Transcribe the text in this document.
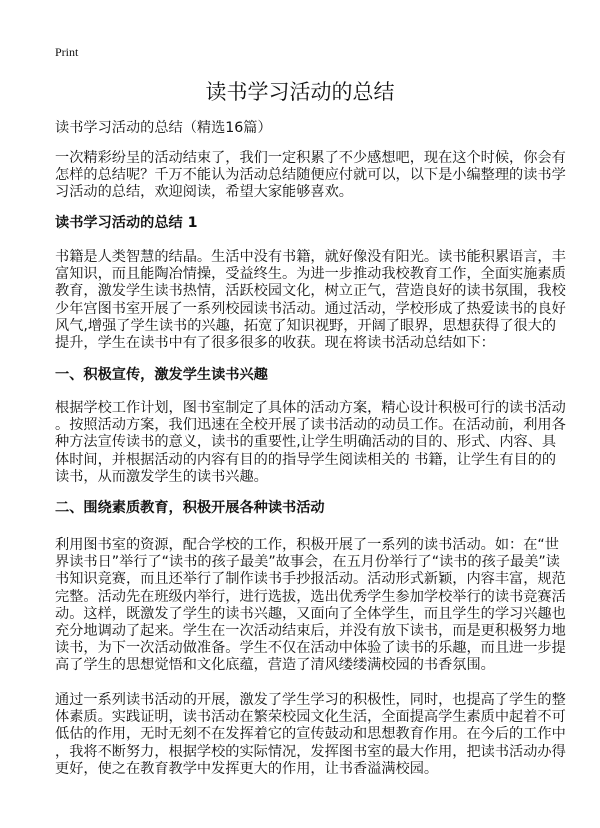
Print
读书学习活动的总结
读书学习活动的总结（精选16篇）
一次精彩纷呈的活动结束了，我们一定积累了不少感想吧，现在这个时候，你会有
怎样的总结呢？千万不能认为活动总结随便应付就可以，以下是小编整理的读书学
习活动的总结，欢迎阅读，希望大家能够喜欢。
读书学习活动的总结 1
书籍是人类智慧的结晶。生活中没有书籍，就好像没有阳光。读书能积累语言，丰
富知识，而且能陶冶情操，受益终生。为进一步推动我校教育工作，全面实施素质
教育，激发学生读书热情，活跃校园文化，树立正气，营造良好的读书氛围，我校
少年宫图书室开展了一系列校园读书活动。通过活动，学校形成了热爱读书的良好
风气,增强了学生读书的兴趣，拓宽了知识视野，开阔了眼界，思想获得了很大的
提升，学生在读书中有了很多很多的收获。现在将读书活动总结如下：
一、积极宣传，激发学生读书兴趣
根据学校工作计划，图书室制定了具体的活动方案，精心设计积极可行的读书活动
。按照活动方案，我们迅速在全校开展了读书活动的动员工作。在活动前，利用各
种方法宣传读书的意义，读书的重要性,让学生明确活动的目的、形式、内容、具
体时间，并根据活动的内容有目的的指导学生阅读相关的 书籍，让学生有目的的
读书，从而激发学生的读书兴趣。
二、围绕素质教育，积极开展各种读书活动
利用图书室的资源，配合学校的工作，积极开展了一系列的读书活动。如：在“世
界读书日”举行了“读书的孩子最美”故事会，在五月份举行了“读书的孩子最美”读
书知识竞赛，而且还举行了制作读书手抄报活动。活动形式新颖，内容丰富，规范
完整。活动先在班级内举行，进行选拔，选出优秀学生参加学校举行的读书竞赛活
动。这样，既激发了学生的读书兴趣，又面向了全体学生，而且学生的学习兴趣也
充分地调动了起来。学生在一次活动结束后，并没有放下读书，而是更积极努力地
读书，为下一次活动做准备。学生不仅在活动中体验了读书的乐趣，而且进一步提
高了学生的思想觉悟和文化底蕴，营造了清风缕缕满校园的书香氛围。
通过一系列读书活动的开展，激发了学生学习的积极性，同时，也提高了学生的整
体素质。实践证明，读书活动在繁荣校园文化生活，全面提高学生素质中起着不可
低估的作用，无时无刻不在发挥着它的宣传鼓动和思想教育作用。在今后的工作中
，我将不断努力，根据学校的实际情况，发挥图书室的最大作用，把读书活动办得
更好，使之在教育教学中发挥更大的作用，让书香溢满校园。
